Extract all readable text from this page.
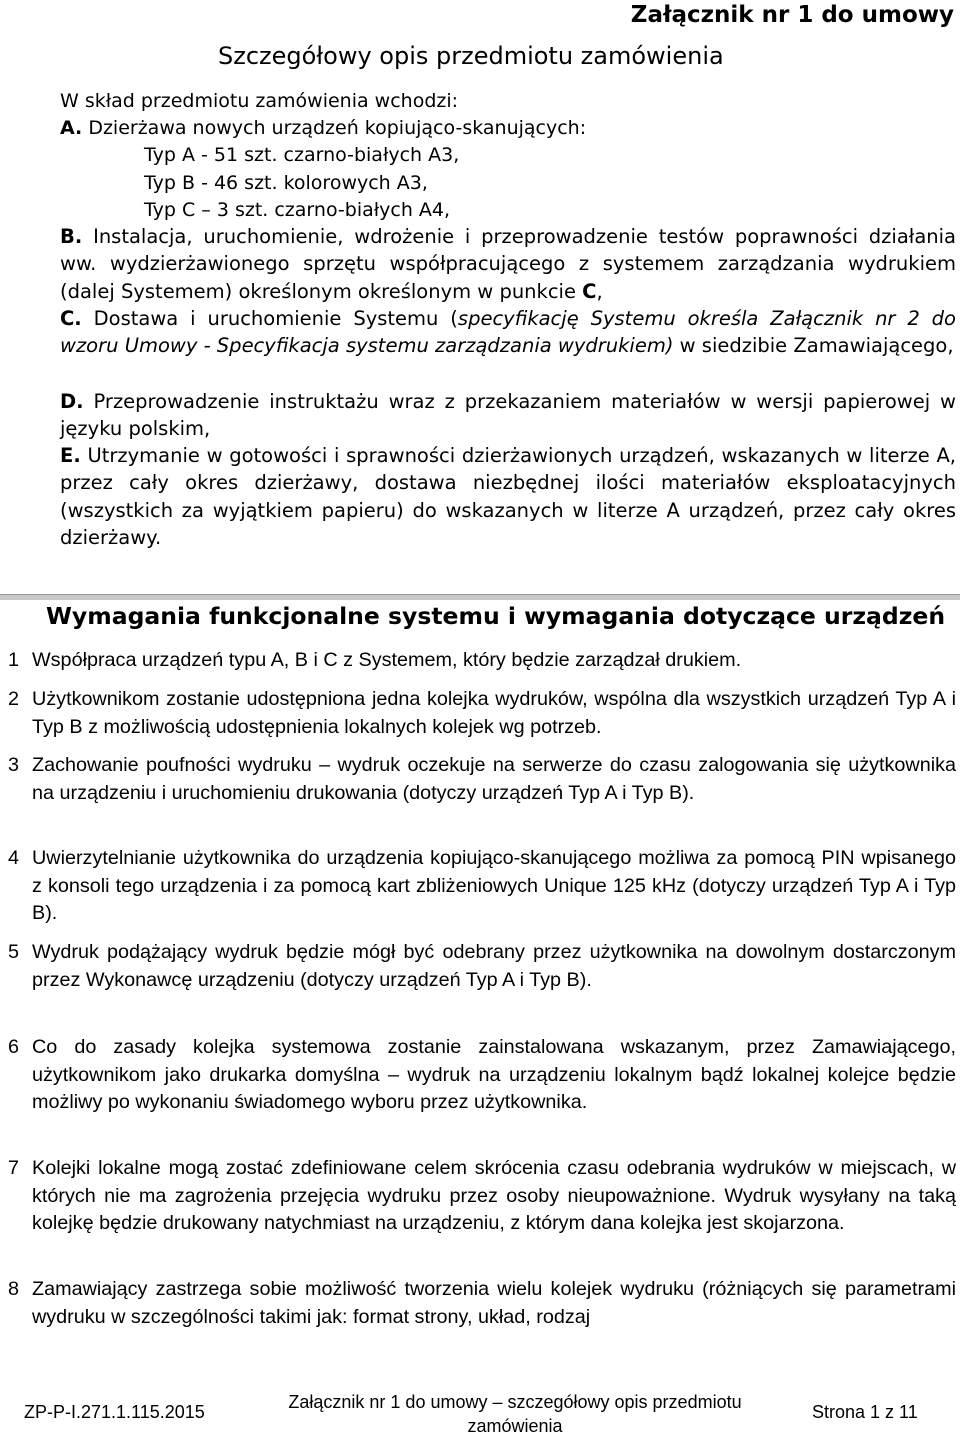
Załącznik nr 1 do umowy
Szczegółowy opis przedmiotu zamówienia
W skład przedmiotu zamówienia wchodzi:
A. Dzierżawa nowych urządzeń kopiująco-skanujących:
Typ A - 51 szt. czarno-białych A3,
Typ B - 46 szt. kolorowych A3,
Typ C – 3 szt. czarno-białych A4,
B. Instalacja, uruchomienie, wdrożenie i przeprowadzenie testów poprawności działania ww. wydzierżawionego sprzętu współpracującego z systemem zarządzania wydrukiem (dalej Systemem) określonym określonym w punkcie C,
C. Dostawa i uruchomienie Systemu (specyfikację Systemu określa Załącznik nr 2 do wzoru Umowy - Specyfikacja systemu zarządzania wydrukiem) w siedzibie Zamawiającego,
D. Przeprowadzenie instruktażu wraz z przekazaniem materiałów w wersji papierowej w języku polskim,
E. Utrzymanie w gotowości i sprawności dzierżawionych urządzeń, wskazanych w literze A, przez cały okres dzierżawy, dostawa niezbędnej ilości materiałów eksploatacyjnych (wszystkich za wyjątkiem papieru) do wskazanych w literze A urządzeń, przez cały okres dzierżawy.
Wymagania funkcjonalne systemu i wymagania dotyczące urządzeń
1 Współpraca urządzeń typu A, B i C z Systemem, który będzie zarządzał drukiem.
2 Użytkownikom zostanie udostępniona jedna kolejka wydruków, wspólna dla wszystkich urządzeń Typ A i Typ B z możliwością udostępnienia lokalnych kolejek wg potrzeb.
3 Zachowanie poufności wydruku – wydruk oczekuje na serwerze do czasu zalogowania się użytkownika na urządzeniu i uruchomieniu drukowania (dotyczy urządzeń Typ A i Typ B).
4 Uwierzytelnianie użytkownika do urządzenia kopiująco-skanującego możliwa za pomocą PIN wpisanego z konsoli tego urządzenia i za pomocą kart zbliżeniowych Unique 125 kHz (dotyczy urządzeń Typ A i Typ B).
5 Wydruk podążający wydruk będzie mógł być odebrany przez użytkownika na dowolnym dostarczonym przez Wykonawcę urządzeniu (dotyczy urządzeń Typ A i Typ B).
6 Co do zasady kolejka systemowa zostanie zainstalowana wskazanym, przez Zamawiającego, użytkownikom jako drukarka domyślna – wydruk na urządzeniu lokalnym bądź lokalnej kolejce będzie możliwy po wykonaniu świadomego wyboru przez użytkownika.
7 Kolejki lokalne mogą zostać zdefiniowane celem skrócenia czasu odebrania wydruków w miejscach, w których nie ma zagrożenia przejęcia wydruku przez osoby nieupoważnione. Wydruk wysyłany na taką kolejkę będzie drukowany natychmiast na urządzeniu, z którym dana kolejka jest skojarzona.
8 Zamawiający zastrzega sobie możliwość tworzenia wielu kolejek wydruku (różniących się parametrami wydruku w szczególności takimi jak: format strony, układ, rodzaj
ZP-P-I.271.1.115.2015	Załącznik nr 1 do umowy – szczegółowy opis przedmiotu zamówienia
Strona 1 z 11
